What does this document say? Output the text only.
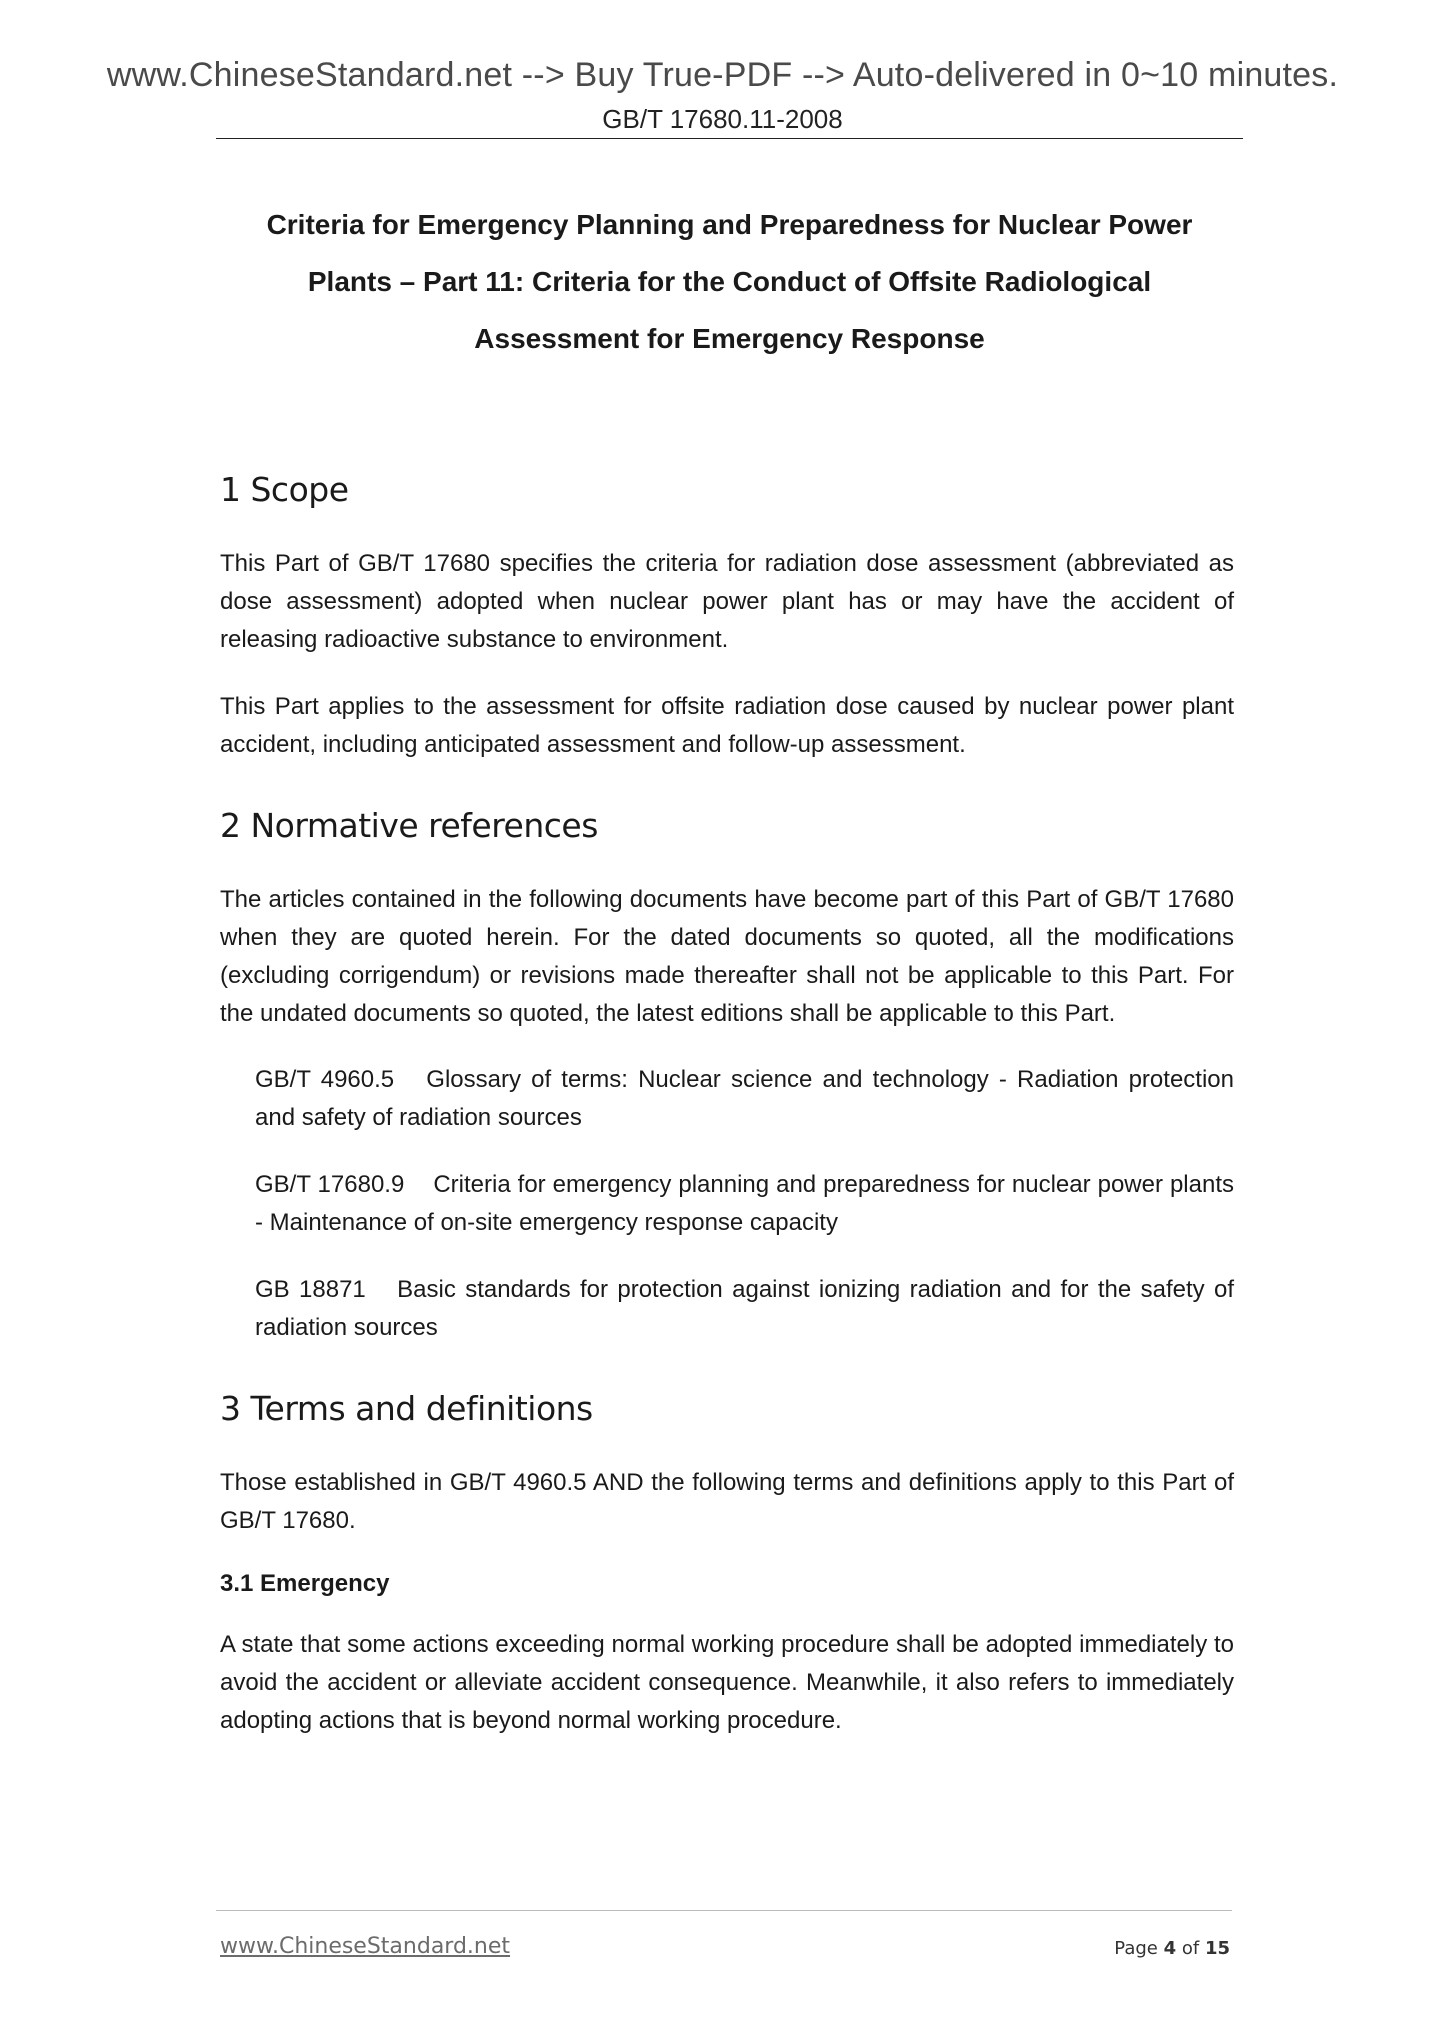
www.ChineseStandard.net --> Buy True-PDF --> Auto-delivered in 0~10 minutes.
GB/T 17680.11-2008
Criteria for Emergency Planning and Preparedness for Nuclear Power
Plants – Part 11: Criteria for the Conduct of Offsite Radiological
Assessment for Emergency Response
1 Scope

This Part of GB/T 17680 specifies the criteria for radiation dose assessment (abbreviated as dose assessment) adopted when nuclear power plant has or may have the accident of releasing radioactive substance to environment.

This Part applies to the assessment for offsite radiation dose caused by nuclear power plant accident, including anticipated assessment and follow-up assessment.

2 Normative references

The articles contained in the following documents have become part of this Part of GB/T 17680 when they are quoted herein. For the dated documents so quoted, all the modifications (excluding corrigendum) or revisions made thereafter shall not be applicable to this Part. For the undated documents so quoted, the latest editions shall be applicable to this Part.

GB/T 4960.5 Glossary of terms: Nuclear science and technology - Radiation protection and safety of radiation sources

GB/T 17680.9 Criteria for emergency planning and preparedness for nuclear power plants - Maintenance of on-site emergency response capacity

GB 18871 Basic standards for protection against ionizing radiation and for the safety of radiation sources

3 Terms and definitions

Those established in GB/T 4960.5 AND the following terms and definitions apply to this Part of GB/T 17680.

3.1 Emergency

A state that some actions exceeding normal working procedure shall be adopted immediately to avoid the accident or alleviate accident consequence. Meanwhile, it also refers to immediately adopting actions that is beyond normal working procedure.

www.ChineseStandard.net	Page 4 of 15
